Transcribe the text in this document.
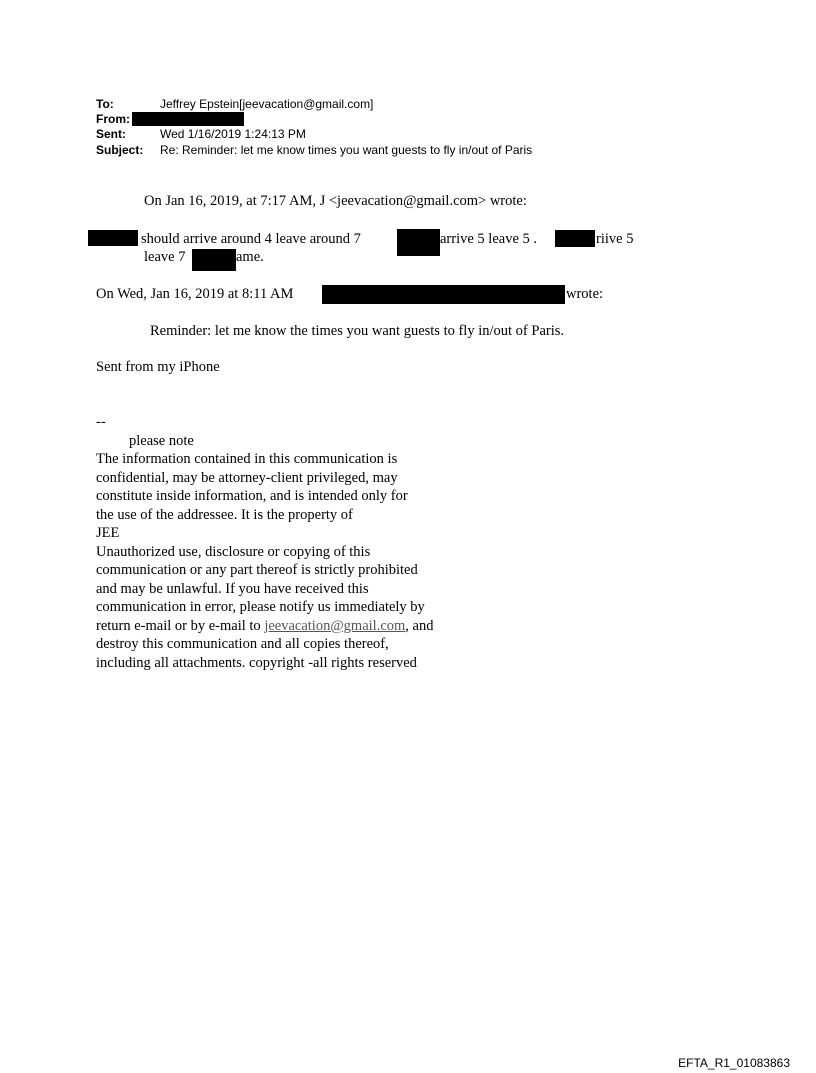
To:	Jeffrey Epstein[jeevacation@gmail.com]
From:
Sent:	Wed 1/16/2019 1:24:13 PM
Subject: Re: Reminder: let me know times you want guests to fly in/out of Paris
On Jan 16, 2019, at 7:17 AM, J <jeevacation@gmail.com> wrote:
should arrive around 4 leave around 7	arrive 5 leave 5 .	riive 5
leave 7	ame.
On Wed, Jan 16, 2019 at 8:11 AM	wrote:
Reminder: let me know the times you want guests to fly in/out of Paris.
Sent from my iPhone
--
please note
The information contained in this communication is
confidential, may be attorney-client privileged, may
constitute inside information, and is intended only for
the use of the addressee. It is the property of
JEE
Unauthorized use, disclosure or copying of this
communication or any part thereof is strictly prohibited
and may be unlawful. If you have received this
communication in error, please notify us immediately by
return e-mail or by e-mail to jeevacation@gmail.com, and
destroy this communication and all copies thereof,
including all attachments. copyright -all rights reserved
EFTA_R1_01083863
